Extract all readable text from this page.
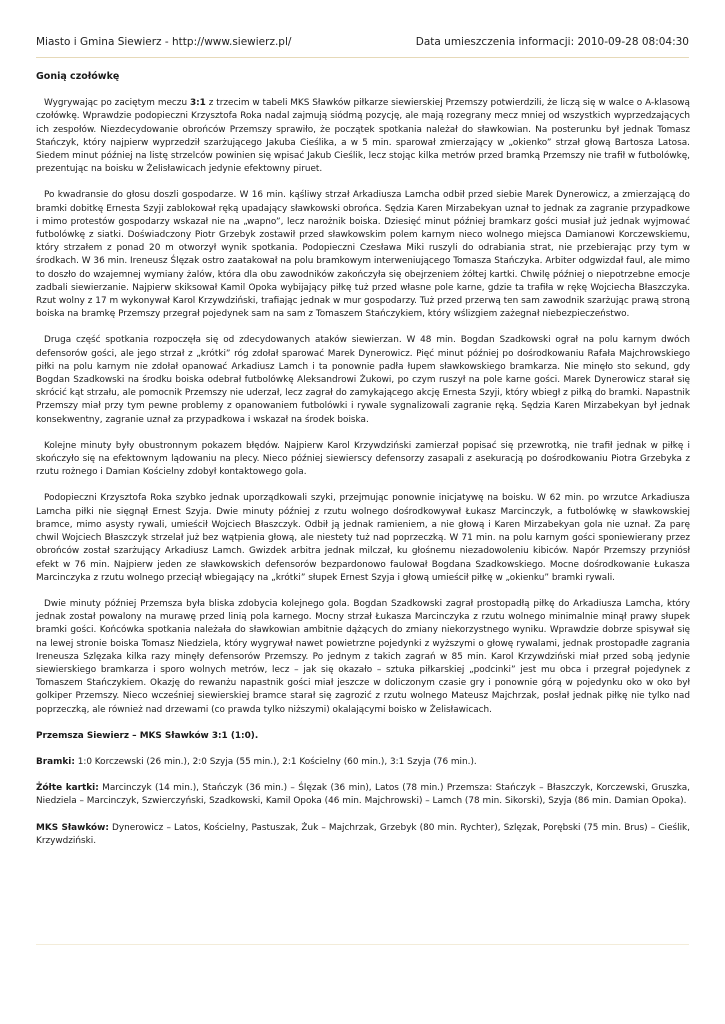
Miasto i Gmina Siewierz - http://www.siewierz.pl/	Data umieszczenia informacji: 2010-09-28 08:04:30
Gonią czołówkę

Wygrywając po zaciętym meczu 3:1 z trzecim w tabeli MKS Sławków piłkarze siewierskiej Przemszy potwierdzili, że liczą się w walce o A-klasową czołówkę. Wprawdzie podopieczni Krzysztofa Roka nadal zajmują siódmą pozycję, ale mają rozegrany mecz mniej od wszystkich wyprzedzających ich zespołów. Niezdecydowanie obrońców Przemszy sprawiło, że początek spotkania należał do sławkowian. Na posterunku był jednak Tomasz Stańczyk, który najpierw wyprzedził szarżującego Jakuba Cieślika, a w 5 min. sparował zmierzający w „okienko” strzał głową Bartosza Latosa. Siedem minut później na listę strzelców powinien się wpisać Jakub Cieślik, lecz stojąc kilka metrów przed bramką Przemszy nie trafił w futbolówkę, prezentując na boisku w Żelisławicach jedynie efektowny piruet.

Po kwadransie do głosu doszli gospodarze. W 16 min. kąśliwy strzał Arkadiusza Lamcha odbił przed siebie Marek Dynerowicz, a zmierzającą do bramki dobitkę Ernesta Szyji zablokował ręką upadający sławkowski obrońca. Sędzia Karen Mirzabekyan uznał to jednak za zagranie przypadkowe i mimo protestów gospodarzy wskazał nie na „wapno”, lecz narożnik boiska. Dziesięć minut później bramkarz gości musiał już jednak wyjmować futbolówkę z siatki. Doświadczony Piotr Grzebyk zostawił przed sławkowskim polem karnym nieco wolnego miejsca Damianowi Korczewskiemu, który strzałem z ponad 20 m otworzył wynik spotkania. Podopieczni Czesława Miki ruszyli do odrabiania strat, nie przebierając przy tym w środkach. W 36 min. Ireneusz Ślęzak ostro zaatakował na polu bramkowym interweniującego Tomasza Stańczyka. Arbiter odgwizdał faul, ale mimo to doszło do wzajemnej wymiany żalów, która dla obu zawodników zakończyła się obejrzeniem żółtej kartki. Chwilę później o niepotrzebne emocje zadbali siewierzanie. Najpierw skiksował Kamil Opoka wybijający piłkę tuż przed własne pole karne, gdzie ta trafiła w rękę Wojciecha Błaszczyka. Rzut wolny z 17 m wykonywał Karol Krzywdziński, trafiając jednak w mur gospodarzy. Tuż przed przerwą ten sam zawodnik szarżując prawą stroną boiska na bramkę Przemszy przegrał pojedynek sam na sam z Tomaszem Stańczykiem, który wślizgiem zażegnał niebezpieczeństwo.

Druga część spotkania rozpoczęła się od zdecydowanych ataków siewierzan. W 48 min. Bogdan Szadkowski ograł na polu karnym dwóch defensorów gości, ale jego strzał z „krótki” róg zdołał sparować Marek Dynerowicz. Pięć minut później po dośrodkowaniu Rafała Majchrowskiego piłki na polu karnym nie zdołał opanować Arkadiusz Lamch i ta ponownie padła łupem sławkowskiego bramkarza. Nie minęło sto sekund, gdy Bogdan Szadkowski na środku boiska odebrał futbolówkę Aleksandrowi Żukowi, po czym ruszył na pole karne gości. Marek Dynerowicz starał się skrócić kąt strzału, ale pomocnik Przemszy nie uderzał, lecz zagrał do zamykającego akcję Ernesta Szyji, który wbiegł z piłką do bramki. Napastnik Przemszy miał przy tym pewne problemy z opanowaniem futbolówki i rywale sygnalizowali zagranie ręką. Sędzia Karen Mirzabekyan był jednak konsekwentny, zagranie uznał za przypadkowa i wskazał na środek boiska.

Kolejne minuty były obustronnym pokazem błędów. Najpierw Karol Krzywdziński zamierzał popisać się przewrotką, nie trafił jednak w piłkę i skończyło się na efektownym lądowaniu na plecy. Nieco później siewierscy defensorzy zasapali z asekuracją po dośrodkowaniu Piotra Grzebyka z rzutu rożnego i Damian Kościelny zdobył kontaktowego gola.

Podopieczni Krzysztofa Roka szybko jednak uporządkowali szyki, przejmując ponownie inicjatywę na boisku. W 62 min. po wrzutce Arkadiusza Lamcha piłki nie sięgnął Ernest Szyja. Dwie minuty później z rzutu wolnego dośrodkowywał Łukasz Marcinczyk, a futbolówkę w sławkowskiej bramce, mimo asysty rywali, umieścił Wojciech Błaszczyk. Odbił ją jednak ramieniem, a nie głową i Karen Mirzabekyan gola nie uznał. Za parę chwil Wojciech Błaszczyk strzelał już bez wątpienia głową, ale niestety tuż nad poprzeczką. W 71 min. na polu karnym gości sponiewierany przez obrońców został szarżujący Arkadiusz Lamch. Gwizdek arbitra jednak milczał, ku głośnemu niezadowoleniu kibiców. Napór Przemszy przyniósł efekt w 76 min. Najpierw jeden ze sławkowskich defensorów bezpardonowo faulował Bogdana Szadkowskiego. Mocne dośrodkowanie Łukasza Marcinczyka z rzutu wolnego przeciął wbiegający na „krótki” słupek Ernest Szyja i głową umieścił piłkę w „okienku” bramki rywali.

Dwie minuty później Przemsza była bliska zdobycia kolejnego gola. Bogdan Szadkowski zagrał prostopadłą piłkę do Arkadiusza Lamcha, który jednak został powalony na murawę przed linią pola karnego. Mocny strzał Łukasza Marcinczyka z rzutu wolnego minimalnie minął prawy słupek bramki gości. Końcówka spotkania należała do sławkowian ambitnie dążących do zmiany niekorzystnego wyniku. Wprawdzie dobrze spisywał się na lewej stronie boiska Tomasz Niedziela, który wygrywał nawet powietrzne pojedynki z wyższymi o głowę rywalami, jednak prostopadłe zagrania Ireneusza Szlęzaka kilka razy minęły defensorów Przemszy. Po jednym z takich zagrań w 85 min. Karol Krzywdziński miał przed sobą jedynie siewierskiego bramkarza i sporo wolnych metrów, lecz – jak się okazało – sztuka piłkarskiej „podcinki” jest mu obca i przegrał pojedynek z Tomaszem Stańczykiem. Okazję do rewanżu napastnik gości miał jeszcze w doliczonym czasie gry i ponownie górą w pojedynku oko w oko był golkiper Przemszy. Nieco wcześniej siewierskiej bramce starał się zagrozić z rzutu wolnego Mateusz Majchrzak, posłał jednak piłkę nie tylko nad poprzeczką, ale również nad drzewami (co prawda tylko niższymi) okalającymi boisko w Żelisławicach.

Przemsza Siewierz – MKS Sławków 3:1 (1:0).

Bramki: 1:0 Korczewski (26 min.), 2:0 Szyja (55 min.), 2:1 Kościelny (60 min.), 3:1 Szyja (76 min.).

Żółte kartki: Marcinczyk (14 min.), Stańczyk (36 min.) – Ślęzak (36 min), Latos (78 min.) Przemsza: Stańczyk – Błaszczyk, Korczewski, Gruszka, Niedziela – Marcinczyk, Szwierczyński, Szadkowski, Kamil Opoka (46 min. Majchrowski) – Lamch (78 min. Sikorski), Szyja (86 min. Damian Opoka).

MKS Sławków: Dynerowicz – Latos, Kościelny, Pastuszak, Żuk – Majchrzak, Grzebyk (80 min. Rychter), Szlęzak, Porębski (75 min. Brus) – Cieślik, Krzywdziński.
